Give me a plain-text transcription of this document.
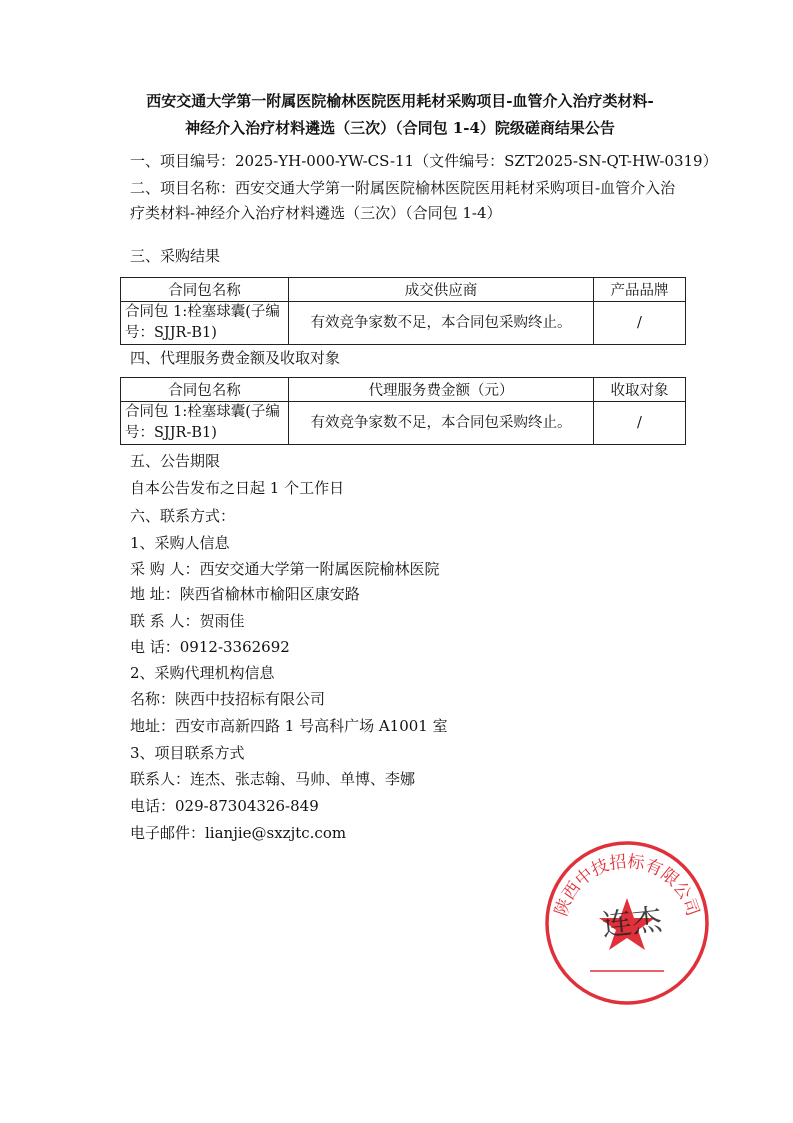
西安交通大学第一附属医院榆林医院医用耗材采购项目-血管介入治疗类材料-
神经介入治疗材料遴选（三次）（合同包 1-4）院级磋商结果公告
一、项目编号：2025-YH-000-YW-CS-11（文件编号：SZT2025-SN-QT-HW-0319）
二、项目名称：西安交通大学第一附属医院榆林医院医用耗材采购项目-血管介入治疗类材料-神经介入治疗材料遴选（三次）（合同包 1-4）
三、采购结果
合同包名称	成交供应商	产品品牌
合同包 1:栓塞球囊(子编号：SJJR-B1)	有效竞争家数不足，本合同包采购终止。	/
四、代理服务费金额及收取对象
合同包名称	代理服务费金额（元）	收取对象
合同包 1:栓塞球囊(子编号：SJJR-B1)	有效竞争家数不足，本合同包采购终止。	/
五、公告期限
自本公告发布之日起 1 个工作日
六、联系方式：
1、采购人信息
采 购 人：西安交通大学第一附属医院榆林医院
地 址：陕西省榆林市榆阳区康安路
联 系 人：贺雨佳
电 话：0912-3362692
2、采购代理机构信息
名称：陕西中技招标有限公司
地址：西安市高新四路 1 号高科广场 A1001 室
3、项目联系方式
联系人：连杰、张志翰、马帅、单博、李娜
电话：029-87304326-849
电子邮件：lianjie@sxzjtc.com
陕西中技招标有限公司
连杰
